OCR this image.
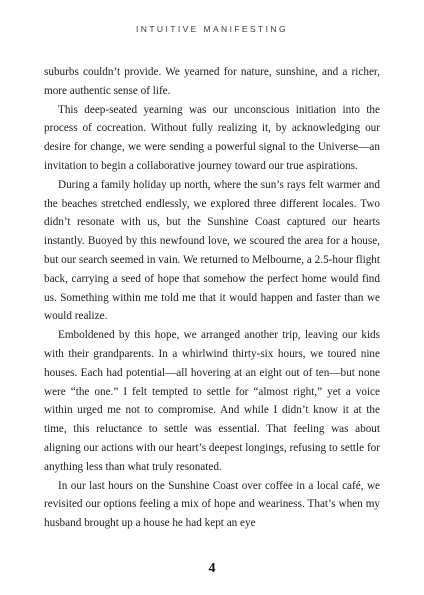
INTUITIVE MANIFESTING

suburbs couldn’t provide. We yearned for nature, sunshine, and a richer, more authentic sense of life.

This deep-seated yearning was our unconscious initiation into the process of cocreation. Without fully realizing it, by acknowledging our desire for change, we were sending a powerful signal to the Universe—an invitation to begin a collaborative journey toward our true aspirations.

During a family holiday up north, where the sun’s rays felt warmer and the beaches stretched endlessly, we explored three different locales. Two didn’t resonate with us, but the Sunshine Coast captured our hearts instantly. Buoyed by this newfound love, we scoured the area for a house, but our search seemed in vain. We returned to Melbourne, a 2.5-hour flight back, carrying a seed of hope that somehow the perfect home would find us. Something within me told me that it would happen and faster than we would realize.

Emboldened by this hope, we arranged another trip, leaving our kids with their grandparents. In a whirlwind thirty-six hours, we toured nine houses. Each had potential—all hovering at an eight out of ten—but none were “the one.” I felt tempted to settle for “almost right,” yet a voice within urged me not to compromise. And while I didn’t know it at the time, this reluctance to settle was essential. That feeling was about aligning our actions with our heart’s deepest longings, refusing to settle for anything less than what truly resonated.

In our last hours on the Sunshine Coast over coffee in a local café, we revisited our options feeling a mix of hope and weariness. That’s when my husband brought up a house he had kept an eye

4
